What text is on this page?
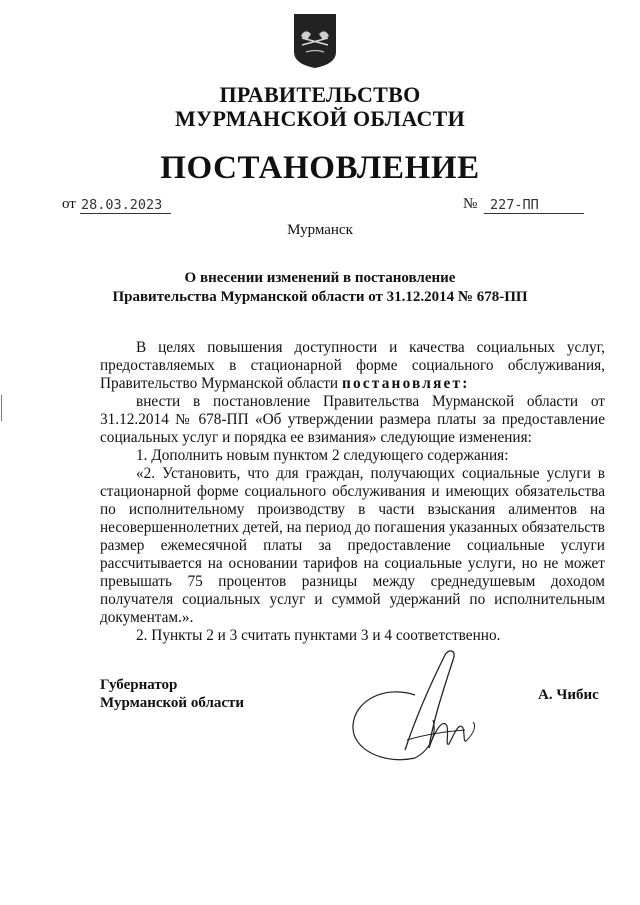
ПРАВИТЕЛЬСТВО
МУРМАНСКОЙ ОБЛАСТИ
ПОСТАНОВЛЕНИЕ
от 28.03.2023	№ 227-ПП
Мурманск
О внесении изменений в постановление
Правительства Мурманской области от 31.12.2014 № 678-ПП

В целях повышения доступности и качества социальных услуг, предоставляемых в стационарной форме социального обслуживания, Правительство Мурманской области постановляет:

внести в постановление Правительства Мурманской области от 31.12.2014 № 678-ПП «Об утверждении размера платы за предоставление социальных услуг и порядка ее взимания» следующие изменения:

1. Дополнить новым пунктом 2 следующего содержания:

«2. Установить, что для граждан, получающих социальные услуги в стационарной форме социального обслуживания и имеющих обязательства по исполнительному производству в части взыскания алиментов на несовершеннолетних детей, на период до погашения указанных обязательств размер ежемесячной платы за предоставление социальные услуги рассчитывается на основании тарифов на социальные услуги, но не может превышать 75 процентов разницы между среднедушевым доходом получателя социальных услуг и суммой удержаний по исполнительным документам.».

2. Пункты 2 и 3 считать пунктами 3 и 4 соответственно.

Губернатор
Мурманской области	А. Чибис
